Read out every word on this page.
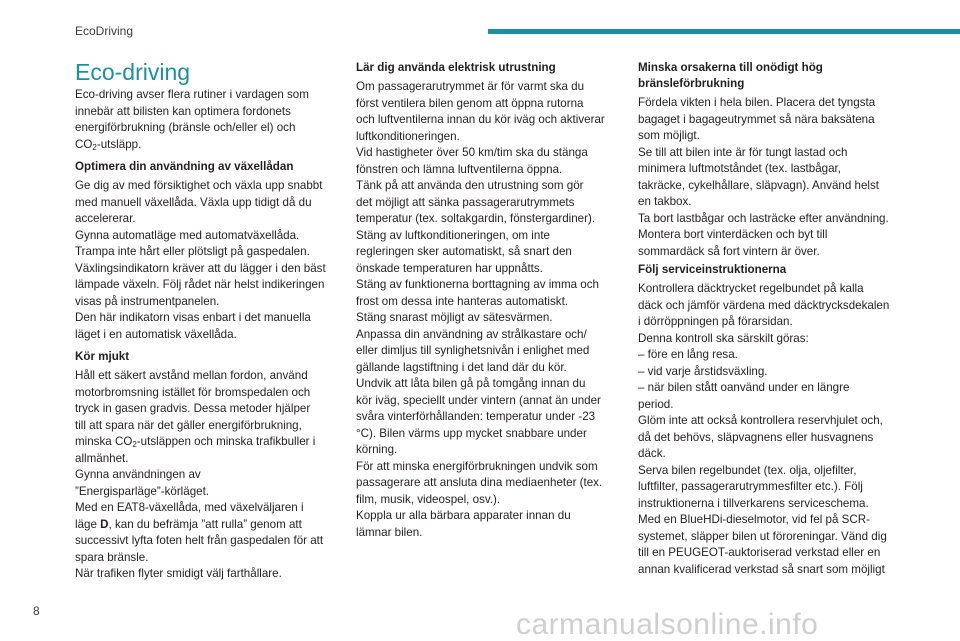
EcoDriving
Eco-driving

Eco-driving avser flera rutiner i vardagen som
innebär att bilisten kan optimera fordonets
energiförbrukning (bränsle och/eller el) och
$CO_2$-utsläpp.

Optimera din användning av växellådan

Ge dig av med försiktighet och växla upp snabbt
med manuell växellåda. Växla upp tidigt då du
accelererar.
Gynna automatläge med automatväxellåda.
Trampa inte hårt eller plötsligt på gaspedalen.
Växlingsindikatorn kräver att du lägger i den bäst
lämpade växeln. Följ rådet när helst indikeringen
visas på instrumentpanelen.
Den här indikatorn visas enbart i det manuella
läget i en automatisk växellåda.

Kör mjukt

Håll ett säkert avstånd mellan fordon, använd
motorbromsning istället för bromspedalen och
tryck in gasen gradvis. Dessa metoder hjälper
till att spara när det gäller energiförbrukning,
minska $CO_2$-utsläppen och minska trafikbuller i
allmänhet.
Gynna användningen av
”Energisparläge”-körläget.
Med en EAT8-växellåda, med växelväljaren i
läge D, kan du befrämja ”att rulla” genom att
successivt lyfta foten helt från gaspedalen för att
spara bränsle.
När trafiken flyter smidigt välj farthållare.

Lär dig använda elektrisk utrustning

Om passagerarutrymmet är för varmt ska du
först ventilera bilen genom att öppna rutorna
och luftventilerna innan du kör iväg och aktiverar
luftkonditioneringen.
Vid hastigheter över 50 km/tim ska du stänga
fönstren och lämna luftventilerna öppna.
Tänk på att använda den utrustning som gör
det möjligt att sänka passagerarutrymmets
temperatur (tex. soltakgardin, fönstergardiner).
Stäng av luftkonditioneringen, om inte
regleringen sker automatiskt, så snart den
önskade temperaturen har uppnåtts.
Stäng av funktionerna borttagning av imma och
frost om dessa inte hanteras automatiskt.
Stäng snarast möjligt av sätesvärmen.
Anpassa din användning av strålkastare och/
eller dimljus till synlighetsnivån i enlighet med
gällande lagstiftning i det land där du kör.
Undvik att låta bilen gå på tomgång innan du
kör iväg, speciellt under vintern (annat än under
svåra vinterförhållanden: temperatur under -23
°C). Bilen värms upp mycket snabbare under
körning.
För att minska energiförbrukningen undvik som
passagerare att ansluta dina mediaenheter (tex.
film, musik, videospel, osv.).
Koppla ur alla bärbara apparater innan du
lämnar bilen.

Minska orsakerna till onödigt hög
bränsleförbrukning

Fördela vikten i hela bilen. Placera det tyngsta
bagaget i bagageutrymmet så nära baksätena
som möjligt.
Se till att bilen inte är för tungt lastad och
minimera luftmotståndet (tex. lastbågar,
takräcke, cykelhållare, släpvagn). Använd helst
en takbox.
Ta bort lastbågar och lasträcke efter användning.
Montera bort vinterdäcken och byt till
sommardäck så fort vintern är över.

Följ serviceinstruktionerna

Kontrollera däcktrycket regelbundet på kalla
däck och jämför värdena med däcktrycksdekalen
i dörröppningen på förarsidan.
Denna kontroll ska särskilt göras:
– före en lång resa.
– vid varje årstidsväxling.
– när bilen stått oanvänd under en längre
period.
Glöm inte att också kontrollera reservhjulet och,
då det behövs, släpvagnens eller husvagnens
däck.
Serva bilen regelbundet (tex. olja, oljefilter,
luftfilter, passagerarutrymmesfilter etc.). Följ
instruktionerna i tillverkarens serviceschema.
Med en BlueHDi-dieselmotor, vid fel på SCR-
systemet, släpper bilen ut föroreningar. Vänd dig
till en PEUGEOT-auktoriserad verkstad eller en
annan kvalificerad verkstad så snart som möjligt

8	carmanualsonline.info
